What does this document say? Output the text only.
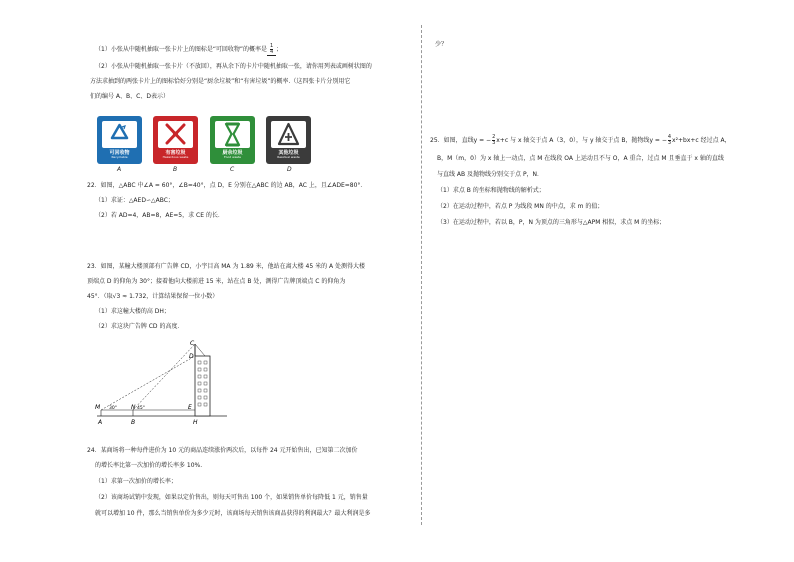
（1）小张从中随机抽取一张卡片上的图标是“可回收物”的概率是 $\frac{1}{4}$ ；
（2）小张从中随机抽取一张卡片（不放回），再从余下的卡片中随机抽取一张，请你用列表或画树状图的
方法求抽到的两张卡片上的图标恰好分别是“厨余垃圾”和“有害垃圾”的概率.（这四张卡片分别用它
们的编号 A、B、C、D表示）
可回收物
Recyclable
有害垃圾
Hazardous waste
厨余垃圾
Food waste
其他垃圾
Residual waste
A	B	C	D
22．如图，△ABC 中∠A = 60°，∠B=40°，点 D，E 分别在△ABC 的边 AB，AC 上，且∠ADE=80°．
（1）求证：△AED∽△ABC；
（2）若 AD=4，AB=8，AE=5，求 CE 的长．
23．如图，某幢大楼顶部有广告牌 CD，小宇目高 MA 为 1.89 米，他站在离大楼 45 米的 A 处测得大楼
顶端点 D 的仰角为 30°；接着他向大楼前进 15 米，站在点 B 处，测得广告牌顶端点 C 的仰角为
45°．（取√3 ≈ 1.732，计算结果保留一位小数）
（1）求这幢大楼的高 DH；
（2）求这块广告牌 CD 的高度．
C
D
M	N	E
A	B	H
30°	45°
24．某商场将一种每件进价为 10 元的商品连续涨价两次后，以每件 24 元开始售出，已知第二次加价
的增长率比第一次加价的增长率多 10%.
（1）求第一次加价的增长率；
（2）该商场试销中发现，如果以定价售出，则每天可售出 100 个，如果销售单价每降低 1 元，销售量
就可以增加 10 件，那么当销售单价为多少元时，该商场每天销售该商品获得的利润最大？最大利润是多
少？
25．如图，直线y = − $\frac{2}{3} x+c$ 与 x 轴交于点 A（3，0），与 y 轴交于点 B，抛物线y = − $\frac{4}{3} x^2+bx+c$ 经过点 A，
B，M（m，0）为 x 轴上一动点，点 M 在线段 OA 上运动且不与 O，A 重合，过点 M 且垂直于 x 轴的直线
与直线 AB 及抛物线分别交于点 P，N．
（1）求点 B 的坐标和抛物线的解析式；
（2）在运动过程中，若点 P 为线段 MN 的中点，求 m 的值；
（3）在运动过程中，若以 B，P，N 为顶点的三角形与△APM 相似，求点 M 的坐标；
